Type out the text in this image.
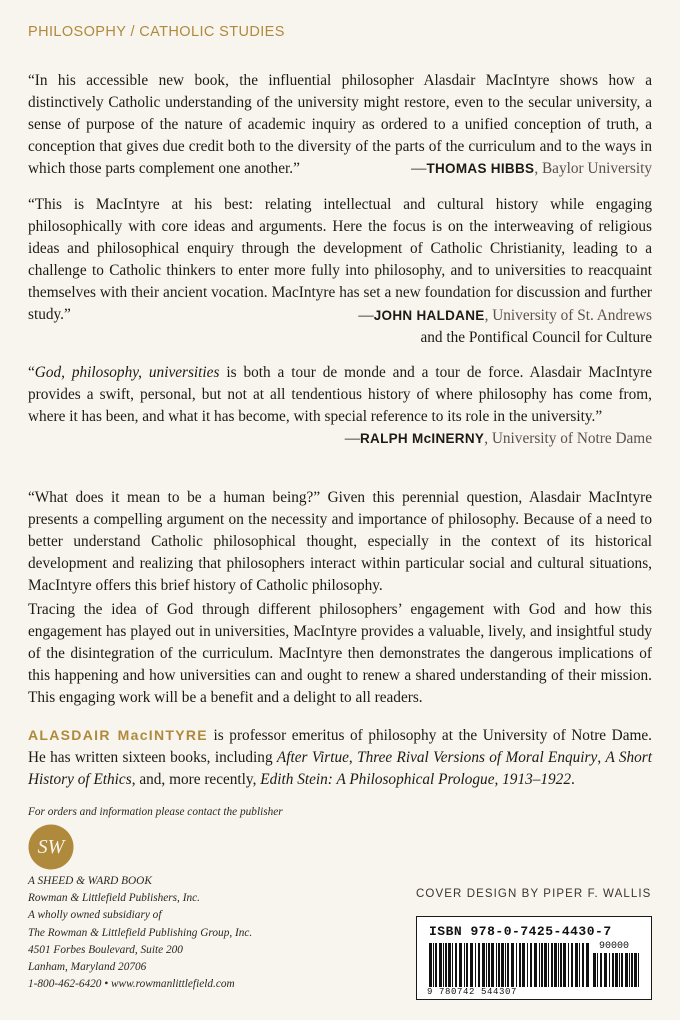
PHILOSOPHY / CATHOLIC STUDIES
“In his accessible new book, the influential philosopher Alasdair MacIntyre shows how a distinctively Catholic understanding of the university might restore, even to the secular university, a sense of purpose of the nature of academic inquiry as ordered to a unified conception of truth, a conception that gives due credit both to the diversity of the parts of the curriculum and to the ways in which those parts complement one another.”	—THOMAS HIBBS, Baylor University
“This is MacIntyre at his best: relating intellectual and cultural history while engaging philosophically with core ideas and arguments. Here the focus is on the interweaving of religious ideas and philosophical enquiry through the development of Catholic Christianity, leading to a challenge to Catholic thinkers to enter more fully into philosophy, and to universities to reacquaint themselves with their ancient vocation. MacIntyre has set a new foundation for discussion and further study.”	—JOHN HALDANE, University of St. Andrews
and the Pontifical Council for Culture
“God, philosophy, universities is both a tour de monde and a tour de force. Alasdair MacIntyre provides a swift, personal, but not at all tendentious history of where philosophy has come from, where it has been, and what it has become, with special reference to its role in the university.”
—RALPH McINERNY, University of Notre Dame
“What does it mean to be a human being?” Given this perennial question, Alasdair MacIntyre presents a compelling argument on the necessity and importance of philosophy. Because of a need to better understand Catholic philosophical thought, especially in the context of its historical development and realizing that philosophers interact within particular social and cultural situations, MacIntyre offers this brief history of Catholic philosophy.
Tracing the idea of God through different philosophers’ engagement with God and how this engagement has played out in universities, MacIntyre provides a valuable, lively, and insightful study of the disintegration of the curriculum. MacIntyre then demonstrates the dangerous implications of this happening and how universities can and ought to renew a shared understanding of their mission. This engaging work will be a benefit and a delight to all readers.
ALASDAIR MacINTYRE is professor emeritus of philosophy at the University of Notre Dame. He has written sixteen books, including After Virtue, Three Rival Versions of Moral Enquiry, A Short History of Ethics, and, more recently, Edith Stein: A Philosophical Prologue, 1913–1922.
For orders and information please contact the publisher
SW
A SHEED & WARD BOOK
Rowman & Littlefield Publishers, Inc.
A wholly owned subsidiary of
The Rowman & Littlefield Publishing Group, Inc.
4501 Forbes Boulevard, Suite 200
Lanham, Maryland 20706
1-800-462-6420 • www.rowmanlittlefield.com
COVER DESIGN BY PIPER F. WALLIS
ISBN 978-0-7425-4430-7
90000
9 780742 544307
